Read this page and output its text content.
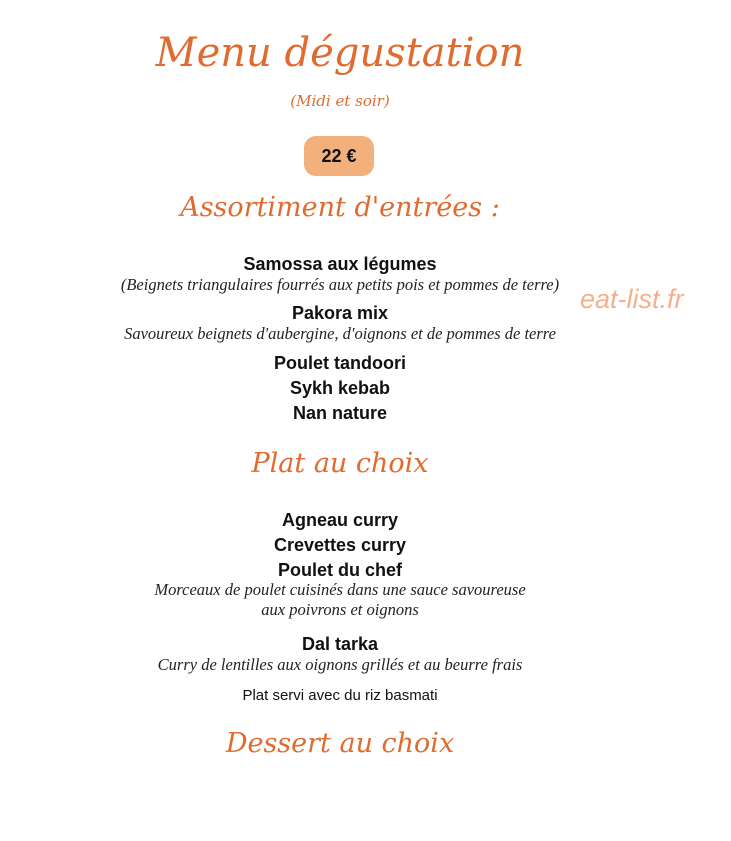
Menu dégustation
(Midi et soir)
22 €
Assortiment d'entrées :
Samossa aux légumes
(Beignets triangulaires fourrés aux petits pois et pommes de terre)
Pakora mix
Savoureux beignets d'aubergine, d'oignons et de pommes de terre
Poulet tandoori
Sykh kebab
Nan nature
Plat au choix
Agneau curry
Crevettes curry
Poulet du chef
Morceaux de poulet cuisinés dans une sauce savoureuse
aux poivrons et oignons
Dal tarka
Curry de lentilles aux oignons grillés et au beurre frais
Plat servi avec du riz basmati
Dessert au choix
eat-list.fr
